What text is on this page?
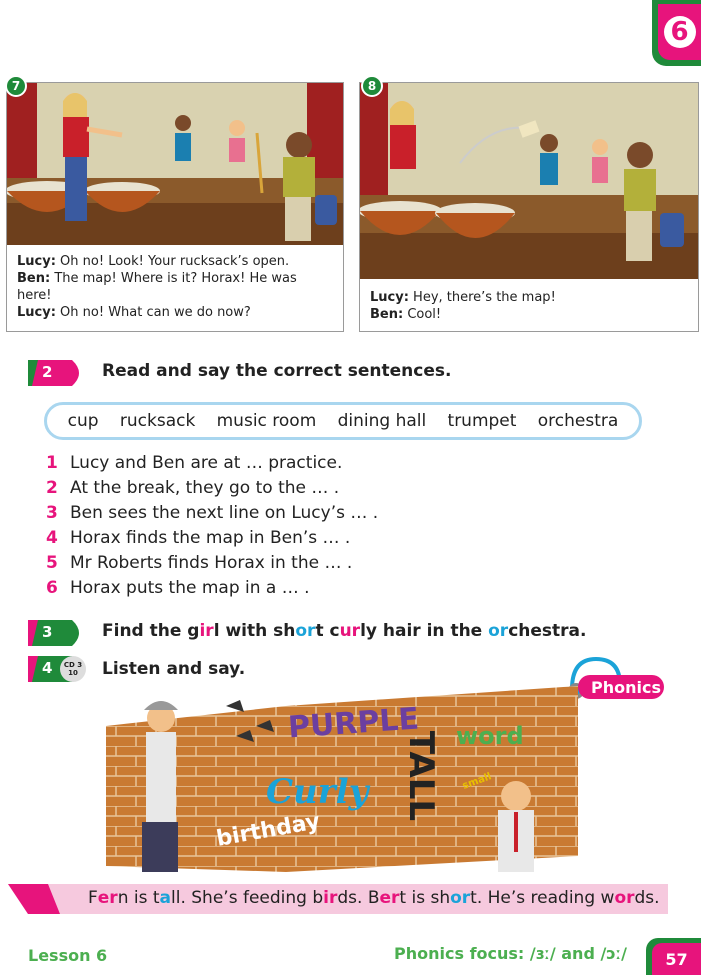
6
Lucy: Oh no! Look! Your rucksack’s open.
Ben: The map! Where is it? Horax! He was here!
Lucy: Oh no! What can we do now?
7
Lucy: Hey, there’s the map!
Ben: Cool!
8
2	Read and say the correct sentences.
cup rucksack music room dining hall trumpet orchestra
1 Lucy and Ben are at … practice.
2 At the break, they go to the … .
3 Ben sees the next line on Lucy’s … .
4 Horax finds the map in Ben’s … .
5 Mr Roberts finds Horax in the … .
6 Horax puts the map in a … .
3	Find the girl with short curly hair in the orchestra.
4 CD 3
10 Listen and say.
Phonics
PURPLE
TALL word
Curly	small
birthday
Fern is tall. She’s feeding birds. Bert is short. He’s reading words.
Lesson 6	Phonics focus: /ɜː/ and /ɔː/	57
